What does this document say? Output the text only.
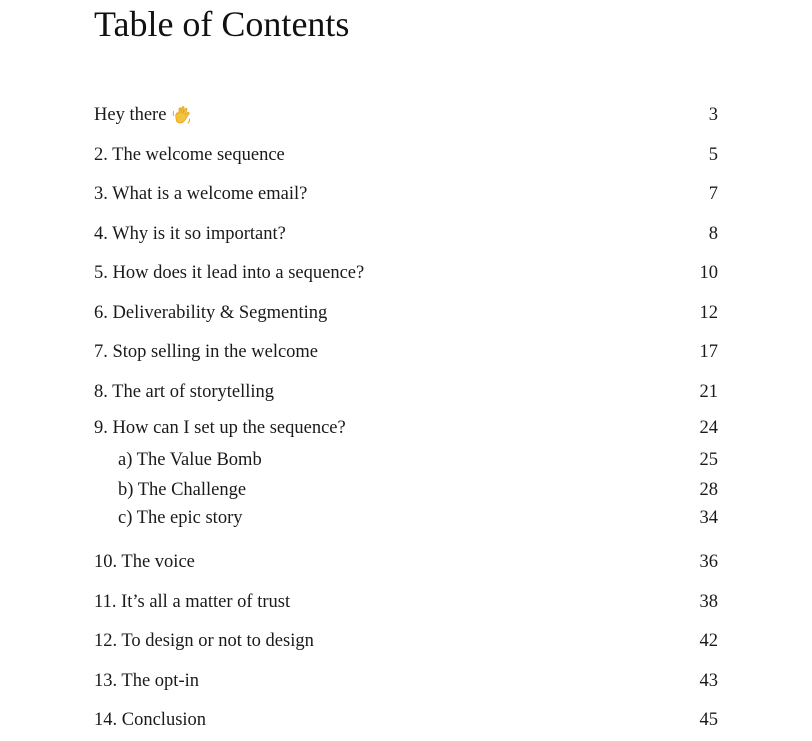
Table of Contents
Hey there	3
2. The welcome sequence	5
3. What is a welcome email?	7
4. Why is it so important?	8
5. How does it lead into a sequence?	10
6. Deliverability & Segmenting	12
7. Stop selling in the welcome	17
8. The art of storytelling	21
9. How can I set up the sequence?	24
a) The Value Bomb	25
b) The Challenge	28
c) The epic story	34
10. The voice	36
11. It’s all a matter of trust	38
12. To design or not to design	42
13. The opt-in	43
14. Conclusion	45
